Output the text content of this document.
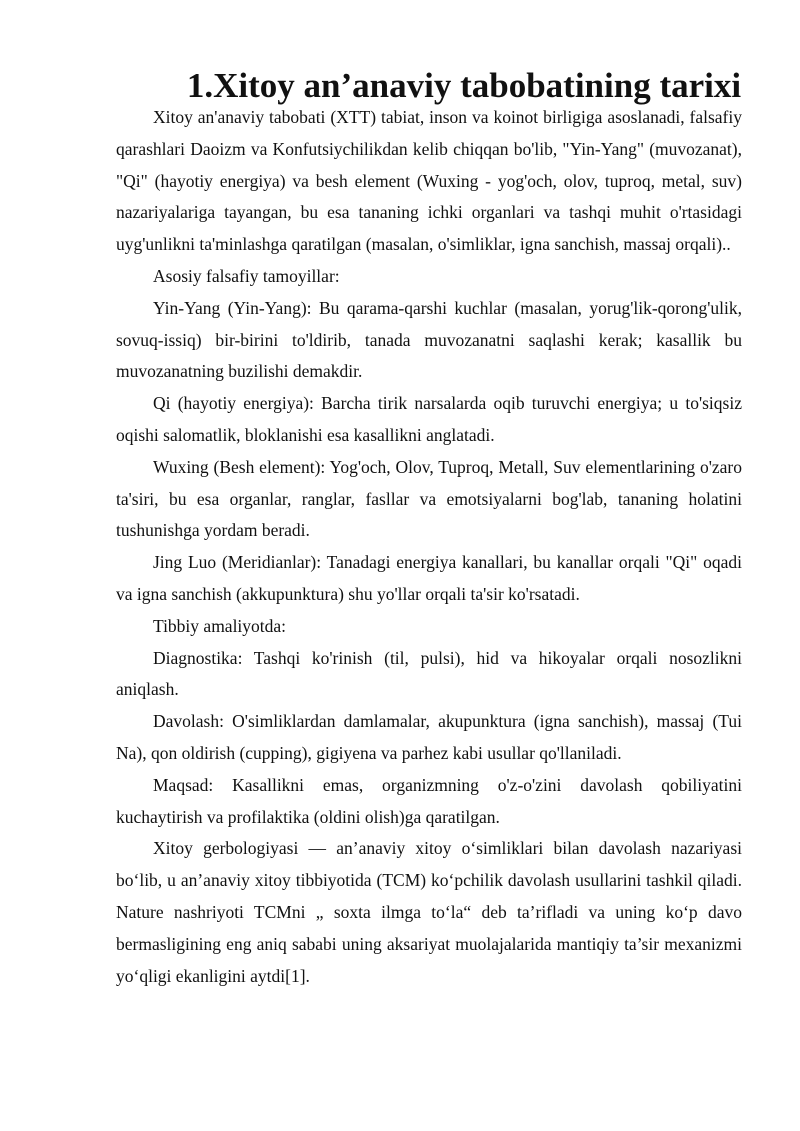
1.Xitoy an’anaviy tabobatining tarixi

Xitoy an'anaviy tabobati (XTT) tabiat, inson va koinot birligiga asoslanadi, falsafiy qarashlari Daoizm va Konfutsiychilikdan kelib chiqqan bo'lib, "Yin-Yang" (muvozanat), "Qi" (hayotiy energiya) va besh element (Wuxing - yog'och, olov, tuproq, metal, suv) nazariyalariga tayangan, bu esa tananing ichki organlari va tashqi muhit o'rtasidagi uyg'unlikni ta'minlashga qaratilgan (masalan, o'simliklar, igna sanchish, massaj orqali)..

Asosiy falsafiy tamoyillar:

Yin-Yang (Yin-Yang): Bu qarama-qarshi kuchlar (masalan, yorug'lik-qorong'ulik, sovuq-issiq) bir-birini to'ldirib, tanada muvozanatni saqlashi kerak; kasallik bu muvozanatning buzilishi demakdir.

Qi (hayotiy energiya): Barcha tirik narsalarda oqib turuvchi energiya; u to'siqsiz oqishi salomatlik, bloklanishi esa kasallikni anglatadi.

Wuxing (Besh element): Yog'och, Olov, Tuproq, Metall, Suv elementlarining o'zaro ta'siri, bu esa organlar, ranglar, fasllar va emotsiyalarni bog'lab, tananing holatini tushunishga yordam beradi.

Jing Luo (Meridianlar): Tanadagi energiya kanallari, bu kanallar orqali "Qi" oqadi va igna sanchish (akkupunktura) shu yo'llar orqali ta'sir ko'rsatadi.

Tibbiy amaliyotda:

Diagnostika: Tashqi ko'rinish (til, pulsi), hid va hikoyalar orqali nosozlikni aniqlash.

Davolash: O'simliklardan damlamalar, akupunktura (igna sanchish), massaj (Tui Na), qon oldirish (cupping), gigiyena va parhez kabi usullar qo'llaniladi.

Maqsad: Kasallikni emas, organizmning o'z-o'zini davolash qobiliyatini kuchaytirish va profilaktika (oldini olish)ga qaratilgan.

Xitoy gerbologiyasi — an’anaviy xitoy o‘simliklari bilan davolash nazariyasi bo‘lib, u an’anaviy xitoy tibbiyotida (TCM) ko‘pchilik davolash usullarini tashkil qiladi. Nature nashriyoti TCMni „ soxta ilmga to‘la“ deb ta’rifladi va uning ko‘p davo bermasligining eng aniq sababi uning aksariyat muolajalarida mantiqiy ta’sir mexanizmi yo‘qligi ekanligini aytdi[1].
